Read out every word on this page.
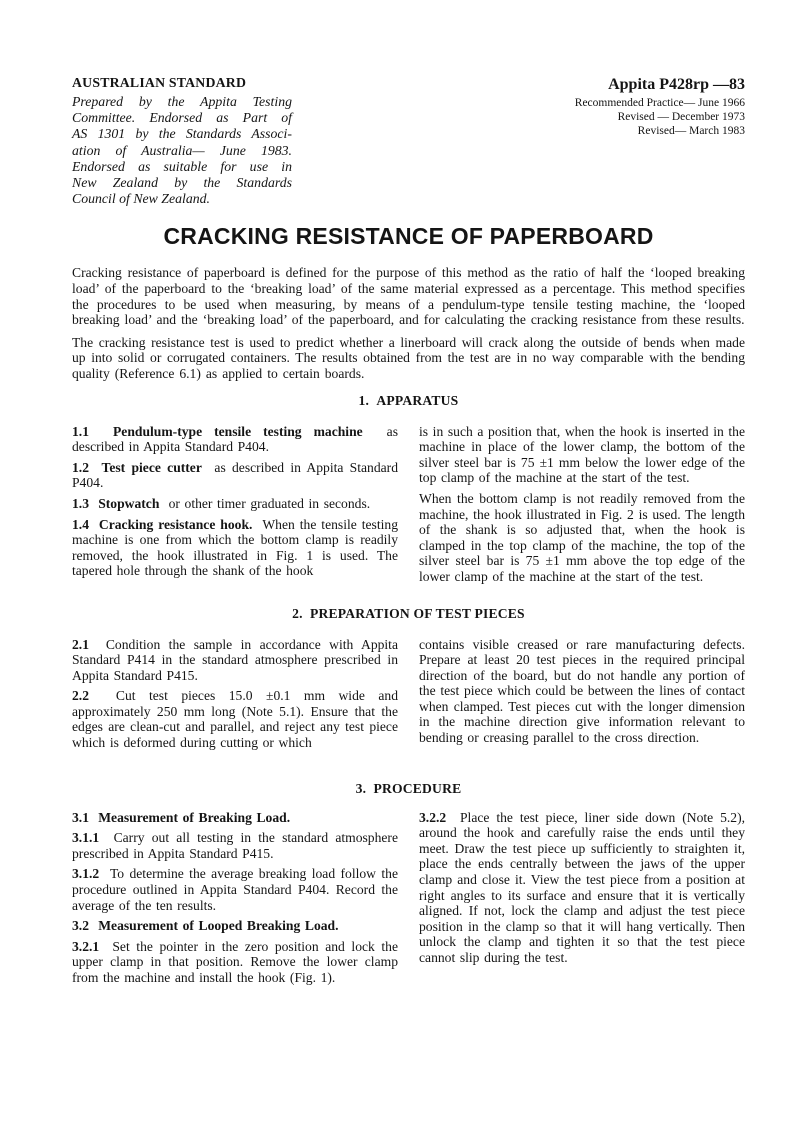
AUSTRALIAN STANDARD
Prepared by the Appita Testing
Committee. Endorsed as Part of
AS 1301 by the Standards Associ-
ation of Australia— June 1983.
Endorsed as suitable for use in
New Zealand by the Standards
Council of New Zealand.
Appita P428rp —83
Recommended Practice— June 1966
Revised — December 1973
Revised— March 1983
CRACKING RESISTANCE OF PAPERBOARD

Cracking resistance of paperboard is defined for the purpose of this method as the ratio of half the ‘looped breaking load’ of the paperboard to the ‘breaking load’ of the same material expressed as a percentage. This method specifies the procedures to be used when measuring, by means of a pendulum-type tensile testing machine, the ‘looped breaking load’ and the ‘breaking load’ of the paperboard, and for calculating the cracking resistance from these results.

The cracking resistance test is used to predict whether a linerboard will crack along the outside of bends when made up into solid or corrugated containers. The results obtained from the test are in no way comparable with the bending quality (Reference 6.1) as applied to certain boards.

1. APPARATUS

1.1 Pendulum-type tensile testing machine as described in Appita Standard P404.

1.2 Test piece cutter as described in Appita Standard P404.

1.3 Stopwatch or other timer graduated in seconds.

1.4 Cracking resistance hook. When the tensile testing machine is one from which the bottom clamp is readily removed, the hook illustrated in Fig. 1 is used. The tapered hole through the shank of the hook

is in such a position that, when the hook is inserted in the machine in place of the lower clamp, the bottom of the silver steel bar is 75 ±1 mm below the lower edge of the top clamp of the machine at the start of the test.

When the bottom clamp is not readily removed from the machine, the hook illustrated in Fig. 2 is used. The length of the shank is so adjusted that, when the hook is clamped in the top clamp of the machine, the top of the silver steel bar is 75 ±1 mm above the top edge of the lower clamp of the machine at the start of the test.

2. PREPARATION OF TEST PIECES

2.1 Condition the sample in accordance with Appita Standard P414 in the standard atmosphere prescribed in Appita Standard P415.

2.2 Cut test pieces 15.0 ±0.1 mm wide and approximately 250 mm long (Note 5.1). Ensure that the edges are clean-cut and parallel, and reject any test piece which is deformed during cutting or which

contains visible creased or rare manufacturing defects. Prepare at least 20 test pieces in the required principal direction of the board, but do not handle any portion of the test piece which could be between the lines of contact when clamped. Test pieces cut with the longer dimension in the machine direction give information relevant to bending or creasing parallel to the cross direction.

3. PROCEDURE

3.1 Measurement of Breaking Load.

3.1.1 Carry out all testing in the standard atmosphere prescribed in Appita Standard P415.

3.1.2 To determine the average breaking load follow the procedure outlined in Appita Standard P404. Record the average of the ten results.

3.2 Measurement of Looped Breaking Load.

3.2.1 Set the pointer in the zero position and lock the upper clamp in that position. Remove the lower clamp from the machine and install the hook (Fig. 1).

3.2.2 Place the test piece, liner side down (Note 5.2), around the hook and carefully raise the ends until they meet. Draw the test piece up sufficiently to straighten it, place the ends centrally between the jaws of the upper clamp and close it. View the test piece from a position at right angles to its surface and ensure that it is vertically aligned. If not, lock the clamp and adjust the test piece position in the clamp so that it will hang vertically. Then unlock the clamp and tighten it so that the test piece cannot slip during the test.
